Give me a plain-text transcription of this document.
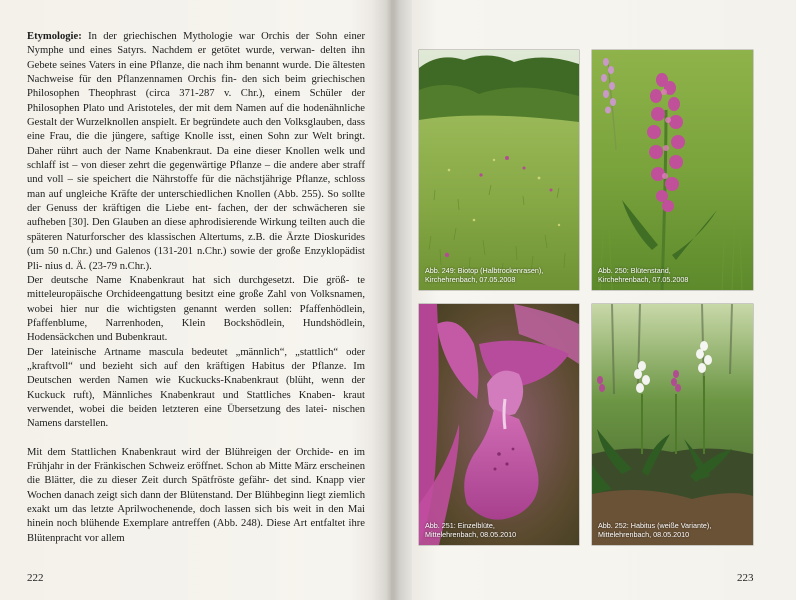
Etymologie: In der griechischen Mythologie war Orchis der Sohn einer Nymphe und eines Satyrs. Nachdem er getötet wurde, verwan- delten ihn Gebete seines Vaters in eine Pflanze, die nach ihm benannt wurde. Die ältesten Nachweise für den Pflanzennamen Orchis fin- den sich beim griechischen Philosophen Theophrast (circa 371-287 v. Chr.), einem Schüler der Philosophen Plato und Aristoteles, der mit dem Namen auf die hodenähnliche Gestalt der Wurzelknollen anspielt. Er begründete auch den Volksglauben, dass eine Frau, die die jüngere, saftige Knolle isst, einen Sohn zur Welt bringt. Daher rührt auch der Name Knabenkraut. Da eine dieser Knollen welk und schlaff ist – von dieser zehrt die gegenwärtige Pflanze – die andere aber straff und voll – sie speichert die Nährstoffe für die nächstjährige Pflanze, schloss man auf ungleiche Kräfte der unterschiedlichen Knollen (Abb. 255). So sollte der Genuss der kräftigen die Liebe ent- fachen, der der schwächeren sie aufheben [30]. Den Glauben an diese aphrodisierende Wirkung teilten auch die späteren Naturforscher des klassischen Altertums, z.B. die Ärzte Dioskurides (um 50 n.Chr.) und Galenos (131-201 n.Chr.) sowie der große Enzyklopädist Pli- nius d. Ä. (23-79 n.Chr.).

Der deutsche Name Knabenkraut hat sich durchgesetzt. Die größ- te mitteleuropäische Orchideengattung besitzt eine große Zahl von Volksnamen, wobei hier nur die wichtigsten genannt werden sollen: Pfaffenhödlein, Pfaffenblume, Narrenhoden, Klein Bockshödlein, Hundshödlein, Hodensäckchen und Bubenkraut.

Der lateinische Artname mascula bedeutet „männlich“, „stattlich“ oder „kraftvoll“ und bezieht sich auf den kräftigen Habitus der Pflanze. Im Deutschen werden Namen wie Kuckucks-Knabenkraut (blüht, wenn der Kuckuck ruft), Männliches Knabenkraut und Stattliches Knaben- kraut verwendet, wobei die beiden letzteren eine Übersetzung des latei- nischen Namens darstellen.

Mit dem Stattlichen Knabenkraut wird der Blühreigen der Orchide- en im Frühjahr in der Fränkischen Schweiz eröffnet. Schon ab Mitte März erscheinen die Blätter, die zu dieser Zeit durch Spätfröste gefähr- det sind. Knapp vier Wochen danach zeigt sich dann der Blütenstand. Der Blühbeginn liegt ziemlich exakt um das letzte Aprilwochenende, doch lassen sich bis weit in den Mai hinein noch blühende Exemplare antreffen (Abb. 248). Diese Art entfaltet ihre Blütenpracht vor allem

222
Abb. 249: Biotop (Halbtrockenrasen),
Kirchehrenbach, 07.05.2008
Abb. 250: Blütenstand,
Kirchehrenbach, 07.05.2008
Abb. 251: Einzelblüte,
Mittelehrenbach, 08.05.2010
Abb. 252: Habitus (weiße Variante),
Mittelehrenbach, 08.05.2010
223
